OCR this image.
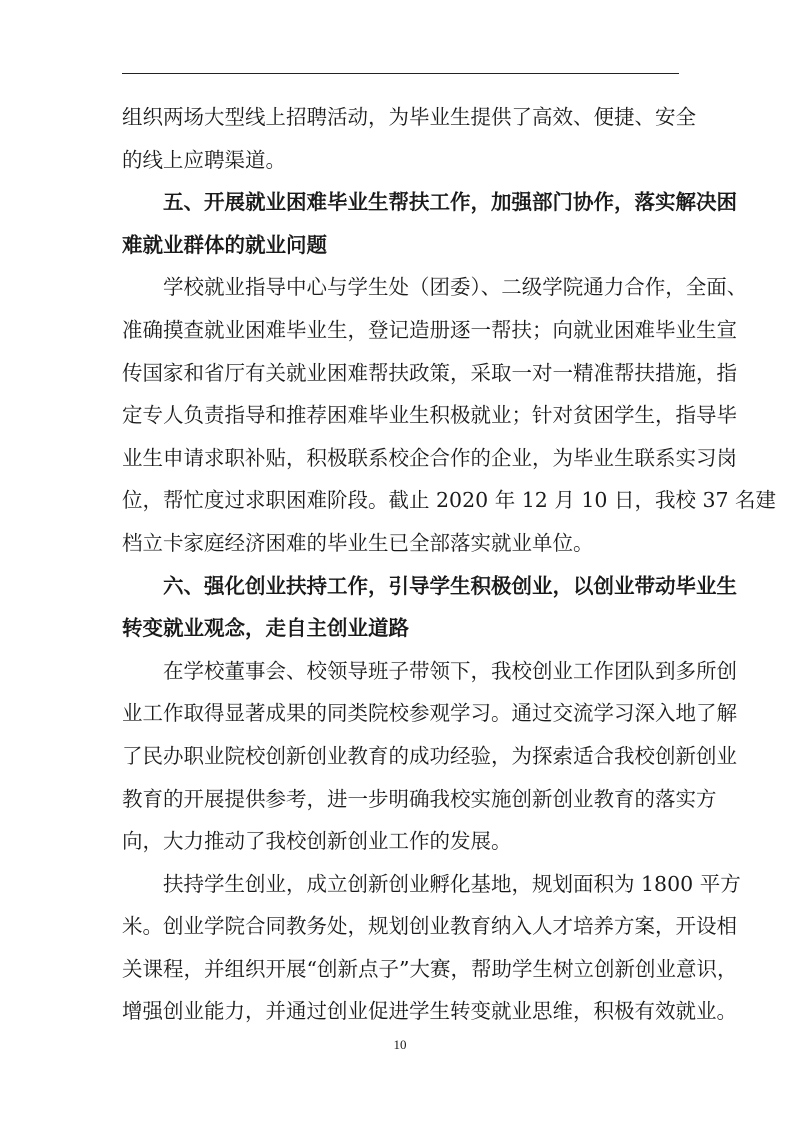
组织两场大型线上招聘活动，为毕业生提供了高效、便捷、安全
的线上应聘渠道。
五、开展就业困难毕业生帮扶工作，加强部门协作，落实解决困
难就业群体的就业问题
学校就业指导中心与学生处（团委）、二级学院通力合作，全面、
准确摸查就业困难毕业生，登记造册逐一帮扶；向就业困难毕业生宣
传国家和省厅有关就业困难帮扶政策，采取一对一精准帮扶措施，指
定专人负责指导和推荐困难毕业生积极就业；针对贫困学生，指导毕
业生申请求职补贴，积极联系校企合作的企业，为毕业生联系实习岗
位，帮忙度过求职困难阶段。截止 2020 年 12 月 10 日，我校 37 名建
档立卡家庭经济困难的毕业生已全部落实就业单位。
六、强化创业扶持工作，引导学生积极创业，以创业带动毕业生
转变就业观念，走自主创业道路
在学校董事会、校领导班子带领下，我校创业工作团队到多所创
业工作取得显著成果的同类院校参观学习。通过交流学习深入地了解
了民办职业院校创新创业教育的成功经验，为探索适合我校创新创业
教育的开展提供参考，进一步明确我校实施创新创业教育的落实方
向，大力推动了我校创新创业工作的发展。
扶持学生创业，成立创新创业孵化基地，规划面积为 1800 平方
米。创业学院合同教务处，规划创业教育纳入人才培养方案，开设相
关课程，并组织开展“创新点子”大赛，帮助学生树立创新创业意识，
增强创业能力，并通过创业促进学生转变就业思维，积极有效就业。
10
